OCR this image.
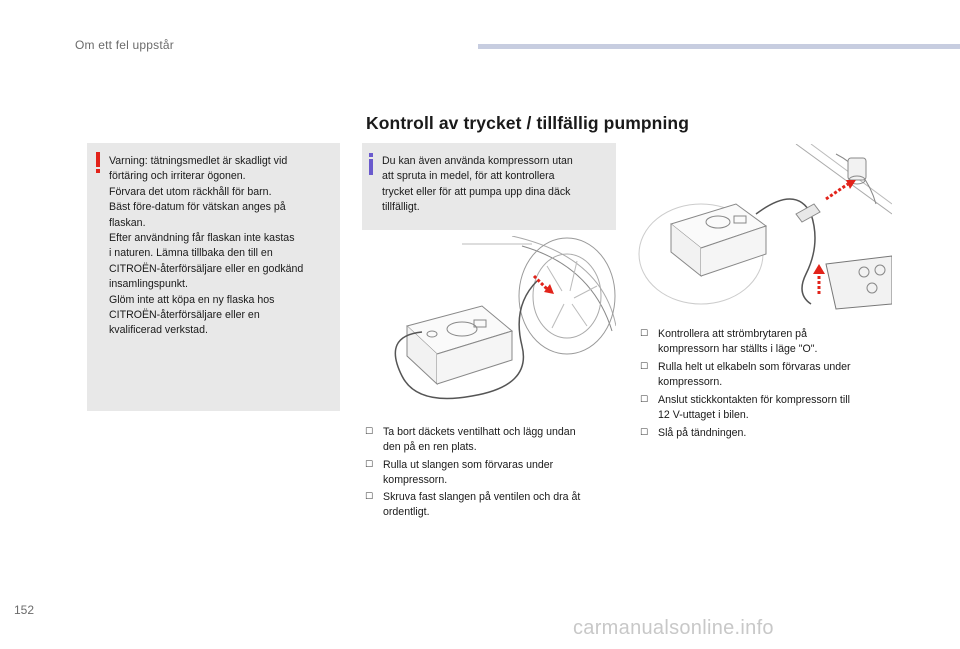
Om ett fel uppstår
Kontroll av trycket / tillfällig pumpning
Varning: tätningsmedlet är skadligt vid
förtäring och irriterar ögonen.
Förvara det utom räckhåll för barn.
Bäst före-datum för vätskan anges på
flaskan.
Efter användning får flaskan inte kastas
i naturen. Lämna tillbaka den till en
CITROËN-återförsäljare eller en godkänd
insamlingspunkt.
Glöm inte att köpa en ny flaska hos
CITROËN-återförsäljare eller en
kvalificerad verkstad.
Du kan även använda kompressorn utan
att spruta in medel, för att kontrollera
trycket eller för att pumpa upp dina däck
tillfälligt.
☐ Ta bort däckets ventilhatt och lägg undan
den på en ren plats.
☐ Rulla ut slangen som förvaras under
kompressorn.
☐ Skruva fast slangen på ventilen och dra åt
ordentligt.
☐ Kontrollera att strömbrytaren på
kompressorn har ställts i läge "O".
☐ Rulla helt ut elkabeln som förvaras under
kompressorn.
☐ Anslut stickkontakten för kompressorn till
12 V-uttaget i bilen.
☐ Slå på tändningen.
152
carmanualsonline.info
